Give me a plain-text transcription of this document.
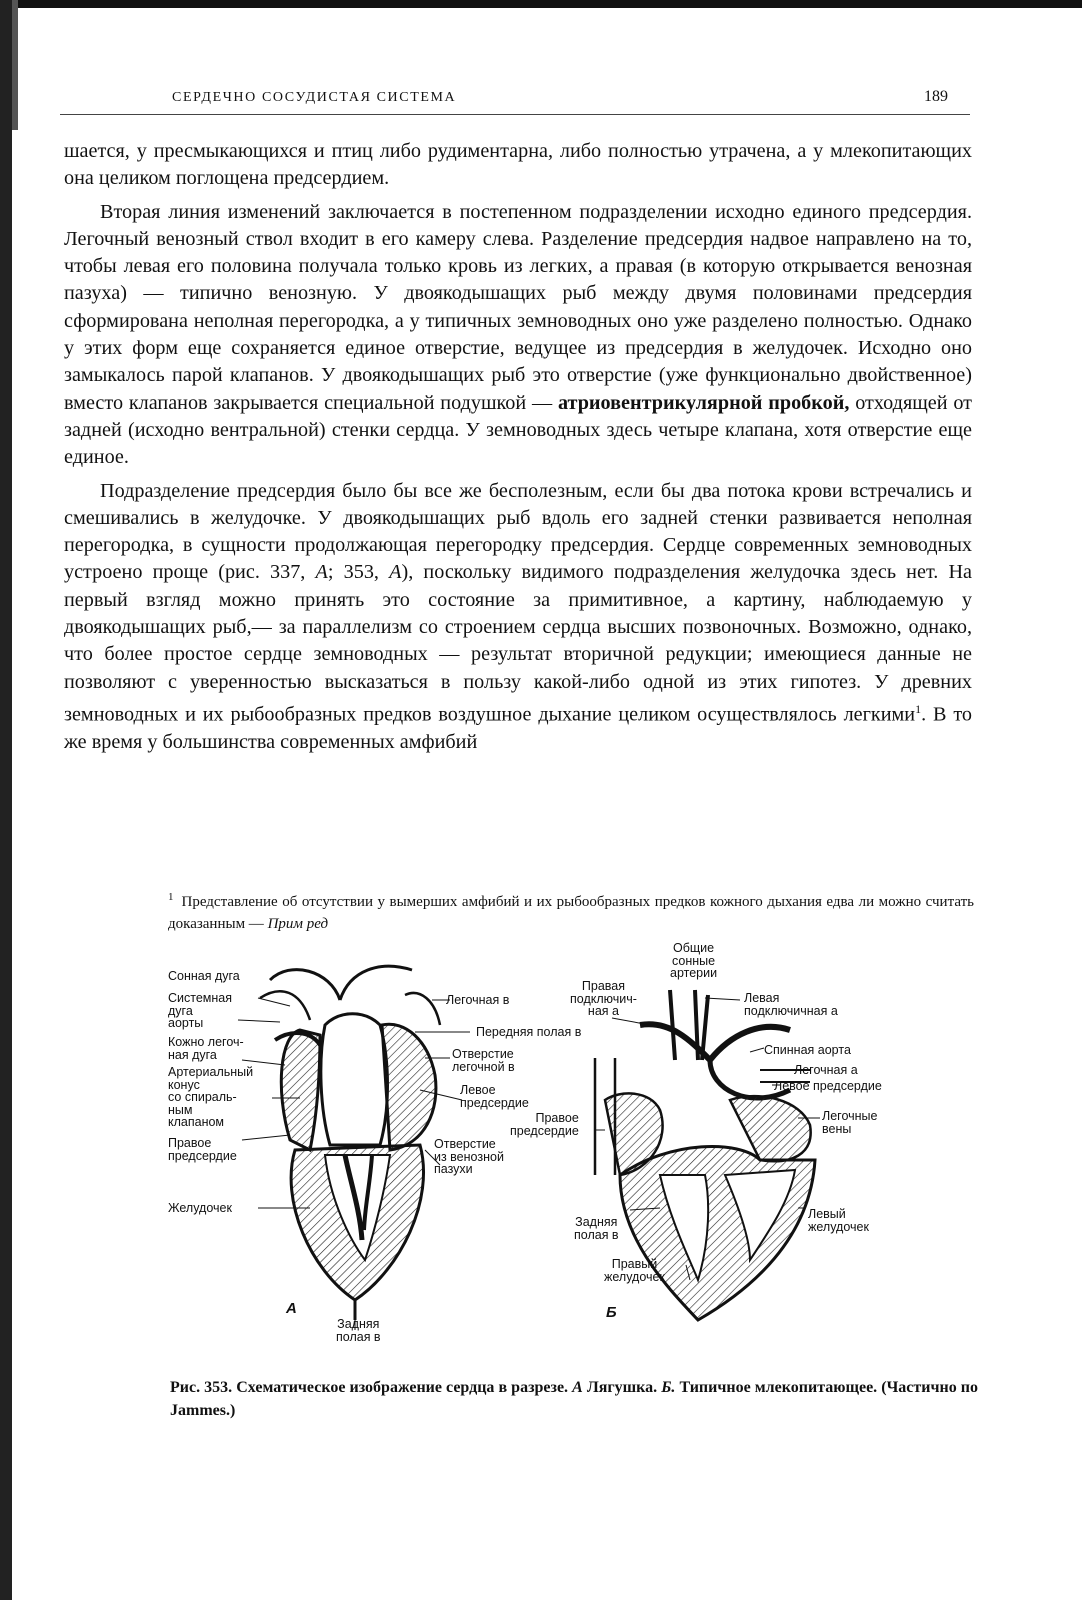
СЕРДЕЧНО СОСУДИСТАЯ СИСТЕМА	189

шается, у пресмыкающихся и птиц либо рудиментарна, либо полностью утрачена, а у млекопитающих она целиком поглощена предсердием.

Вторая линия изменений заключается в постепенном подразделении исходно единого предсердия. Легочный венозный ствол входит в его камеру слева. Разделение предсердия надвое направлено на то, чтобы левая его половина получала только кровь из легких, а правая (в которую открывается венозная пазуха) — типично венозную. У двоякодышащих рыб между двумя половинами предсердия сформирована неполная перегородка, а у типичных земноводных оно уже разделено полностью. Однако у этих форм еще сохраняется единое отверстие, ведущее из предсердия в желудочек. Исходно оно замыкалось парой клапанов. У двоякодышащих рыб это отверстие (уже функционально двойственное) вместо клапанов закрывается специальной подушкой — атриовентрикулярной пробкой, отходящей от задней (исходно вентральной) стенки сердца. У земноводных здесь четыре клапана, хотя отверстие еще единое.

Подразделение предсердия было бы все же бесполезным, если бы два потока крови встречались и смешивались в желудочке. У двоякодышащих рыб вдоль его задней стенки развивается неполная перегородка, в сущности продолжающая перегородку предсердия. Сердце современных земноводных устроено проще (рис. 337, А; 353, А), поскольку видимого подразделения желудочка здесь нет. На первый взгляд можно принять это состояние за примитивное, а картину, наблюдаемую у двоякодышащих рыб,— за параллелизм со строением сердца высших позвоночных. Возможно, однако, что более простое сердце земноводных — результат вторичной редукции; имеющиеся данные не позволяют с уверенностью высказаться в пользу какой-либо одной из этих гипотез. У древних земноводных и их рыбообразных предков воздушное дыхание целиком осуществлялось легкими$^1$. В то же время у большинства современных амфибий

$^1$ Представление об отсутствии у вымерших амфибий и их рыбообразных предков кожного дыхания едва ли можно считать доказанным — Прим ред
Сонная дуга
Системная
дуга
аорты
Кожно легоч-
ная дуга
Артериальный
конус
со спираль-
ным
клапаном
Правое
предсердие
Желудочек
Легочная в
Передняя полая в
Отверстие
легочной в
Левое
предсердие
Отверстие
из венозной
пазухи
Задняя
полая в
А
Общие
сонные
артерии
Правая
подключич-
ная а
Левая
подключичная а
Спинная аорта
Легочная а
Левое предсердие
Легочные
вены
Правое
предсердие
Задняя
полая в
Правый
желудочек
Левый
желудочек
Б
Рис. 353. Схематическое изображение сердца в разрезе. А Лягушка. Б. Типичное млекопитающее. (Частично по Jammes.)
